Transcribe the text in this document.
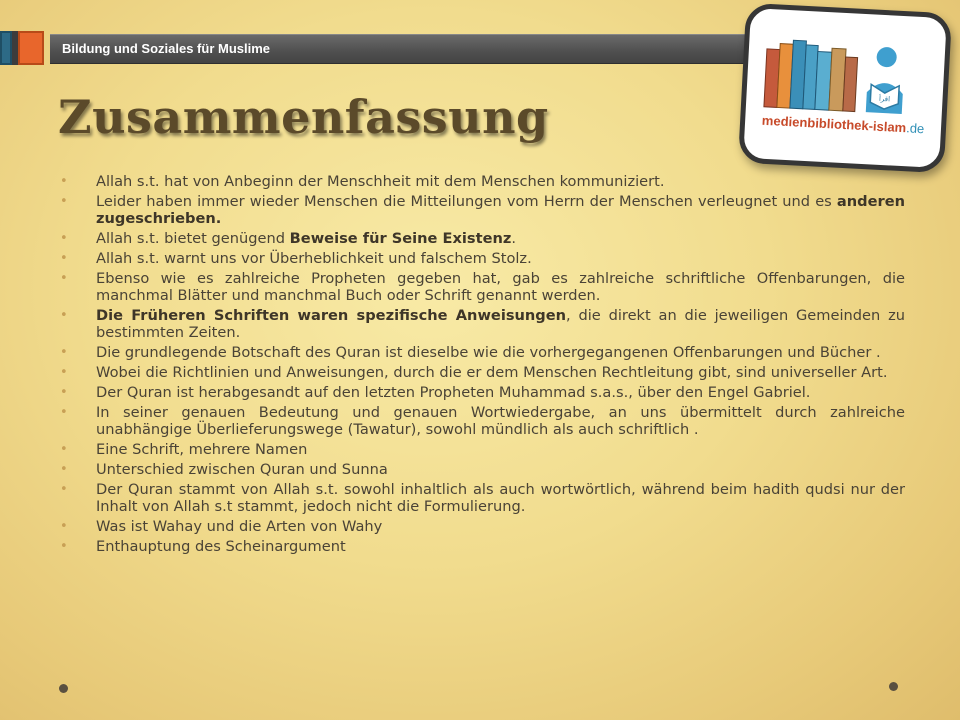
Bildung und Soziales für Muslime
Zusammenfassung	اقرأ
medienbibliothek-islam.de
• Allah s.t. hat von Anbeginn der Menschheit mit dem Menschen kommuniziert.
• Leider haben immer wieder Menschen die Mitteilungen vom Herrn der Menschen verleugnet und es anderen zugeschrieben.
• Allah s.t. bietet genügend Beweise für Seine Existenz.
• Allah s.t. warnt uns vor Überheblichkeit und falschem Stolz.
• Ebenso wie es zahlreiche Propheten gegeben hat, gab es zahlreiche schriftliche Offenbarungen, die manchmal Blätter und manchmal Buch oder Schrift genannt werden.
• Die Früheren Schriften waren spezifische Anweisungen, die direkt an die jeweiligen Gemeinden zu bestimmten Zeiten.
• Die grundlegende Botschaft des Quran ist dieselbe wie die vorhergegangenen Offenbarungen und Bücher .
• Wobei die Richtlinien und Anweisungen, durch die er dem Menschen Rechtleitung gibt, sind universeller Art.
• Der Quran ist herabgesandt auf den letzten Propheten Muhammad s.a.s., über den Engel Gabriel.
• In seiner genauen Bedeutung und genauen Wortwiedergabe, an uns übermittelt durch zahlreiche unabhängige Überlieferungswege (Tawatur), sowohl mündlich als auch schriftlich .
• Eine Schrift, mehrere Namen
• Unterschied zwischen Quran und Sunna
• Der Quran stammt von Allah s.t. sowohl inhaltlich als auch wortwörtlich, während beim hadith qudsi nur der Inhalt von Allah s.t stammt, jedoch nicht die Formulierung.
• Was ist Wahay und die Arten von Wahy
• Enthauptung des Scheinargument
